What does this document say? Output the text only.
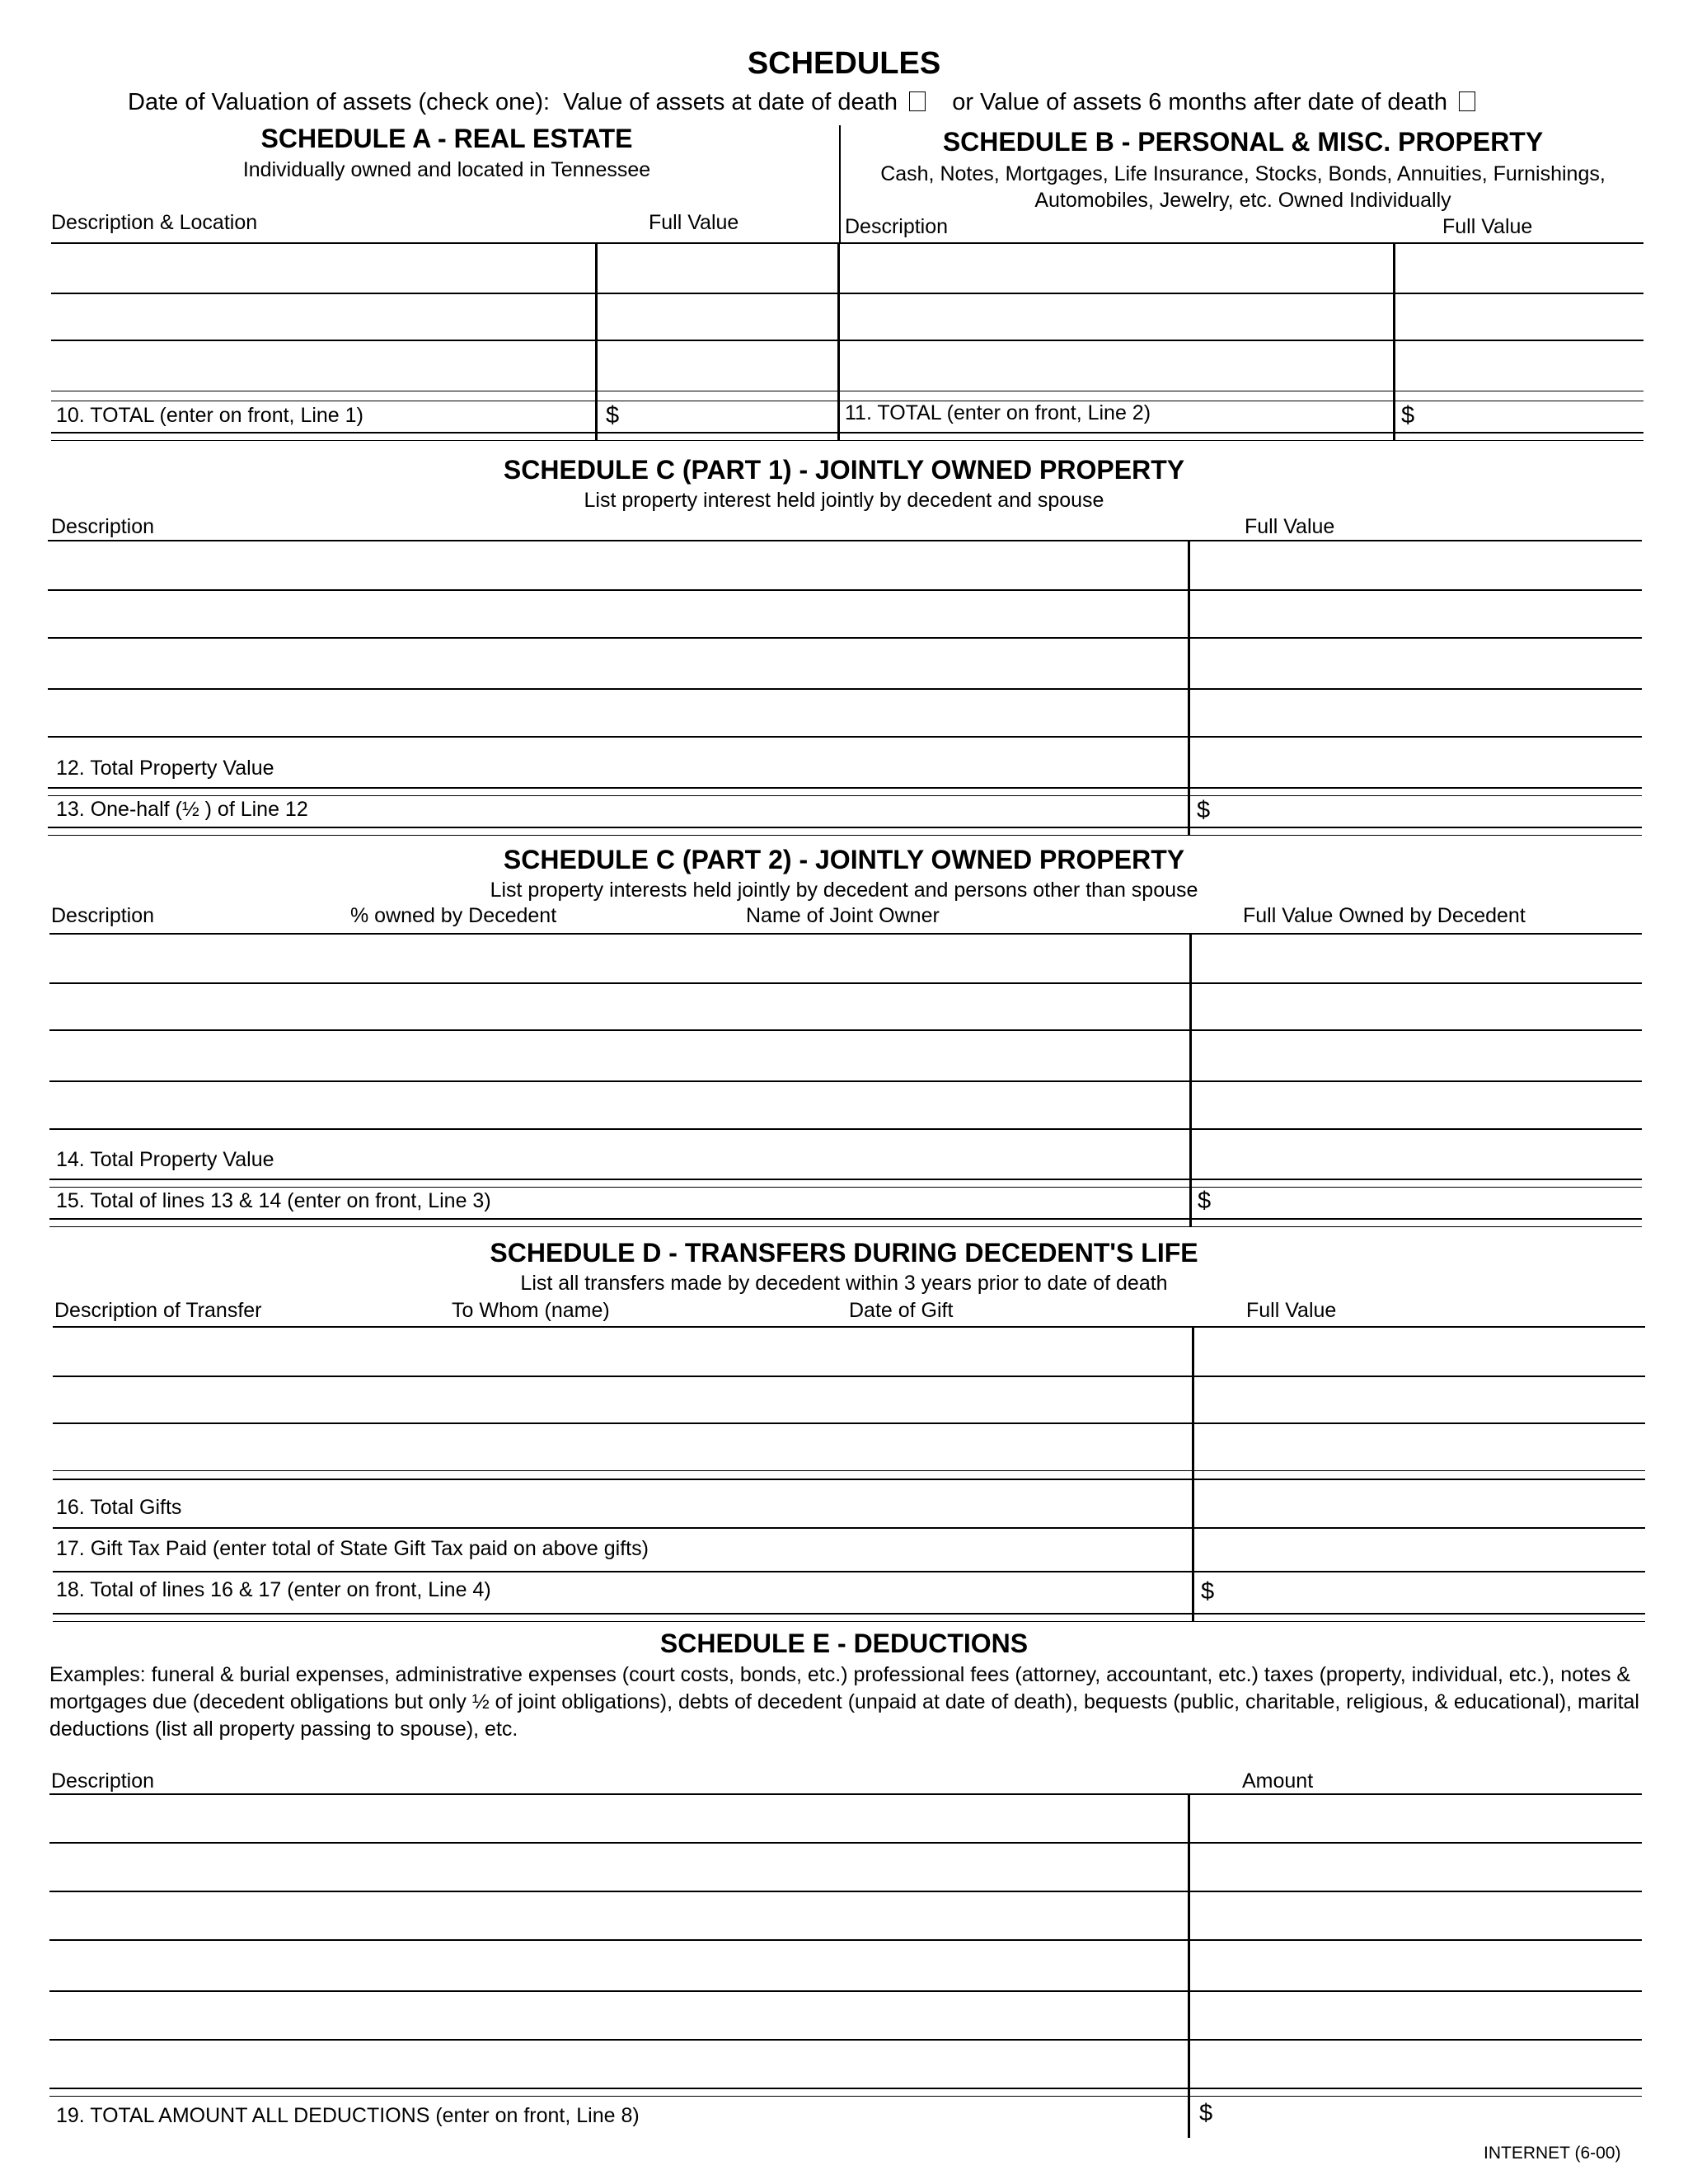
SCHEDULES
Date of Valuation of assets (check one): Value of assets at date of death or Value of assets 6 months after date of death
SCHEDULE A - REAL ESTATE
Individually owned and located in Tennessee
Description & Location	Full Value
SCHEDULE B - PERSONAL & MISC. PROPERTY
Cash, Notes, Mortgages, Life Insurance, Stocks, Bonds, Annuities, Furnishings,
Automobiles, Jewelry, etc. Owned Individually
Description	Full Value
10. TOTAL (enter on front, Line 1)	$	11. TOTAL (enter on front, Line 2)	$
SCHEDULE C (PART 1) - JOINTLY OWNED PROPERTY
List property interest held jointly by decedent and spouse
Description	Full Value
12. Total Property Value
13. One-half (½ ) of Line 12	$
SCHEDULE C (PART 2) - JOINTLY OWNED PROPERTY
List property interests held jointly by decedent and persons other than spouse
Description	% owned by Decedent	Name of Joint Owner	Full Value Owned by Decedent
14. Total Property Value
15. Total of lines 13 & 14 (enter on front, Line 3)	$
SCHEDULE D - TRANSFERS DURING DECEDENT'S LIFE
List all transfers made by decedent within 3 years prior to date of death
Description of Transfer	To Whom (name)	Date of Gift	Full Value
16. Total Gifts
17. Gift Tax Paid (enter total of State Gift Tax paid on above gifts)
18. Total of lines 16 & 17 (enter on front, Line 4)	$
SCHEDULE E - DEDUCTIONS
Examples: funeral & burial expenses, administrative expenses (court costs, bonds, etc.) professional fees (attorney, accountant, etc.) taxes (property, individual, etc.), notes & mortgages due (decedent obligations but only ½ of joint obligations), debts of decedent (unpaid at date of death), bequests (public, charitable, religious, & educational), marital deductions (list all property passing to spouse), etc.
Description	Amount
19. TOTAL AMOUNT ALL DEDUCTIONS (enter on front, Line 8)	$
INTERNET (6-00)
